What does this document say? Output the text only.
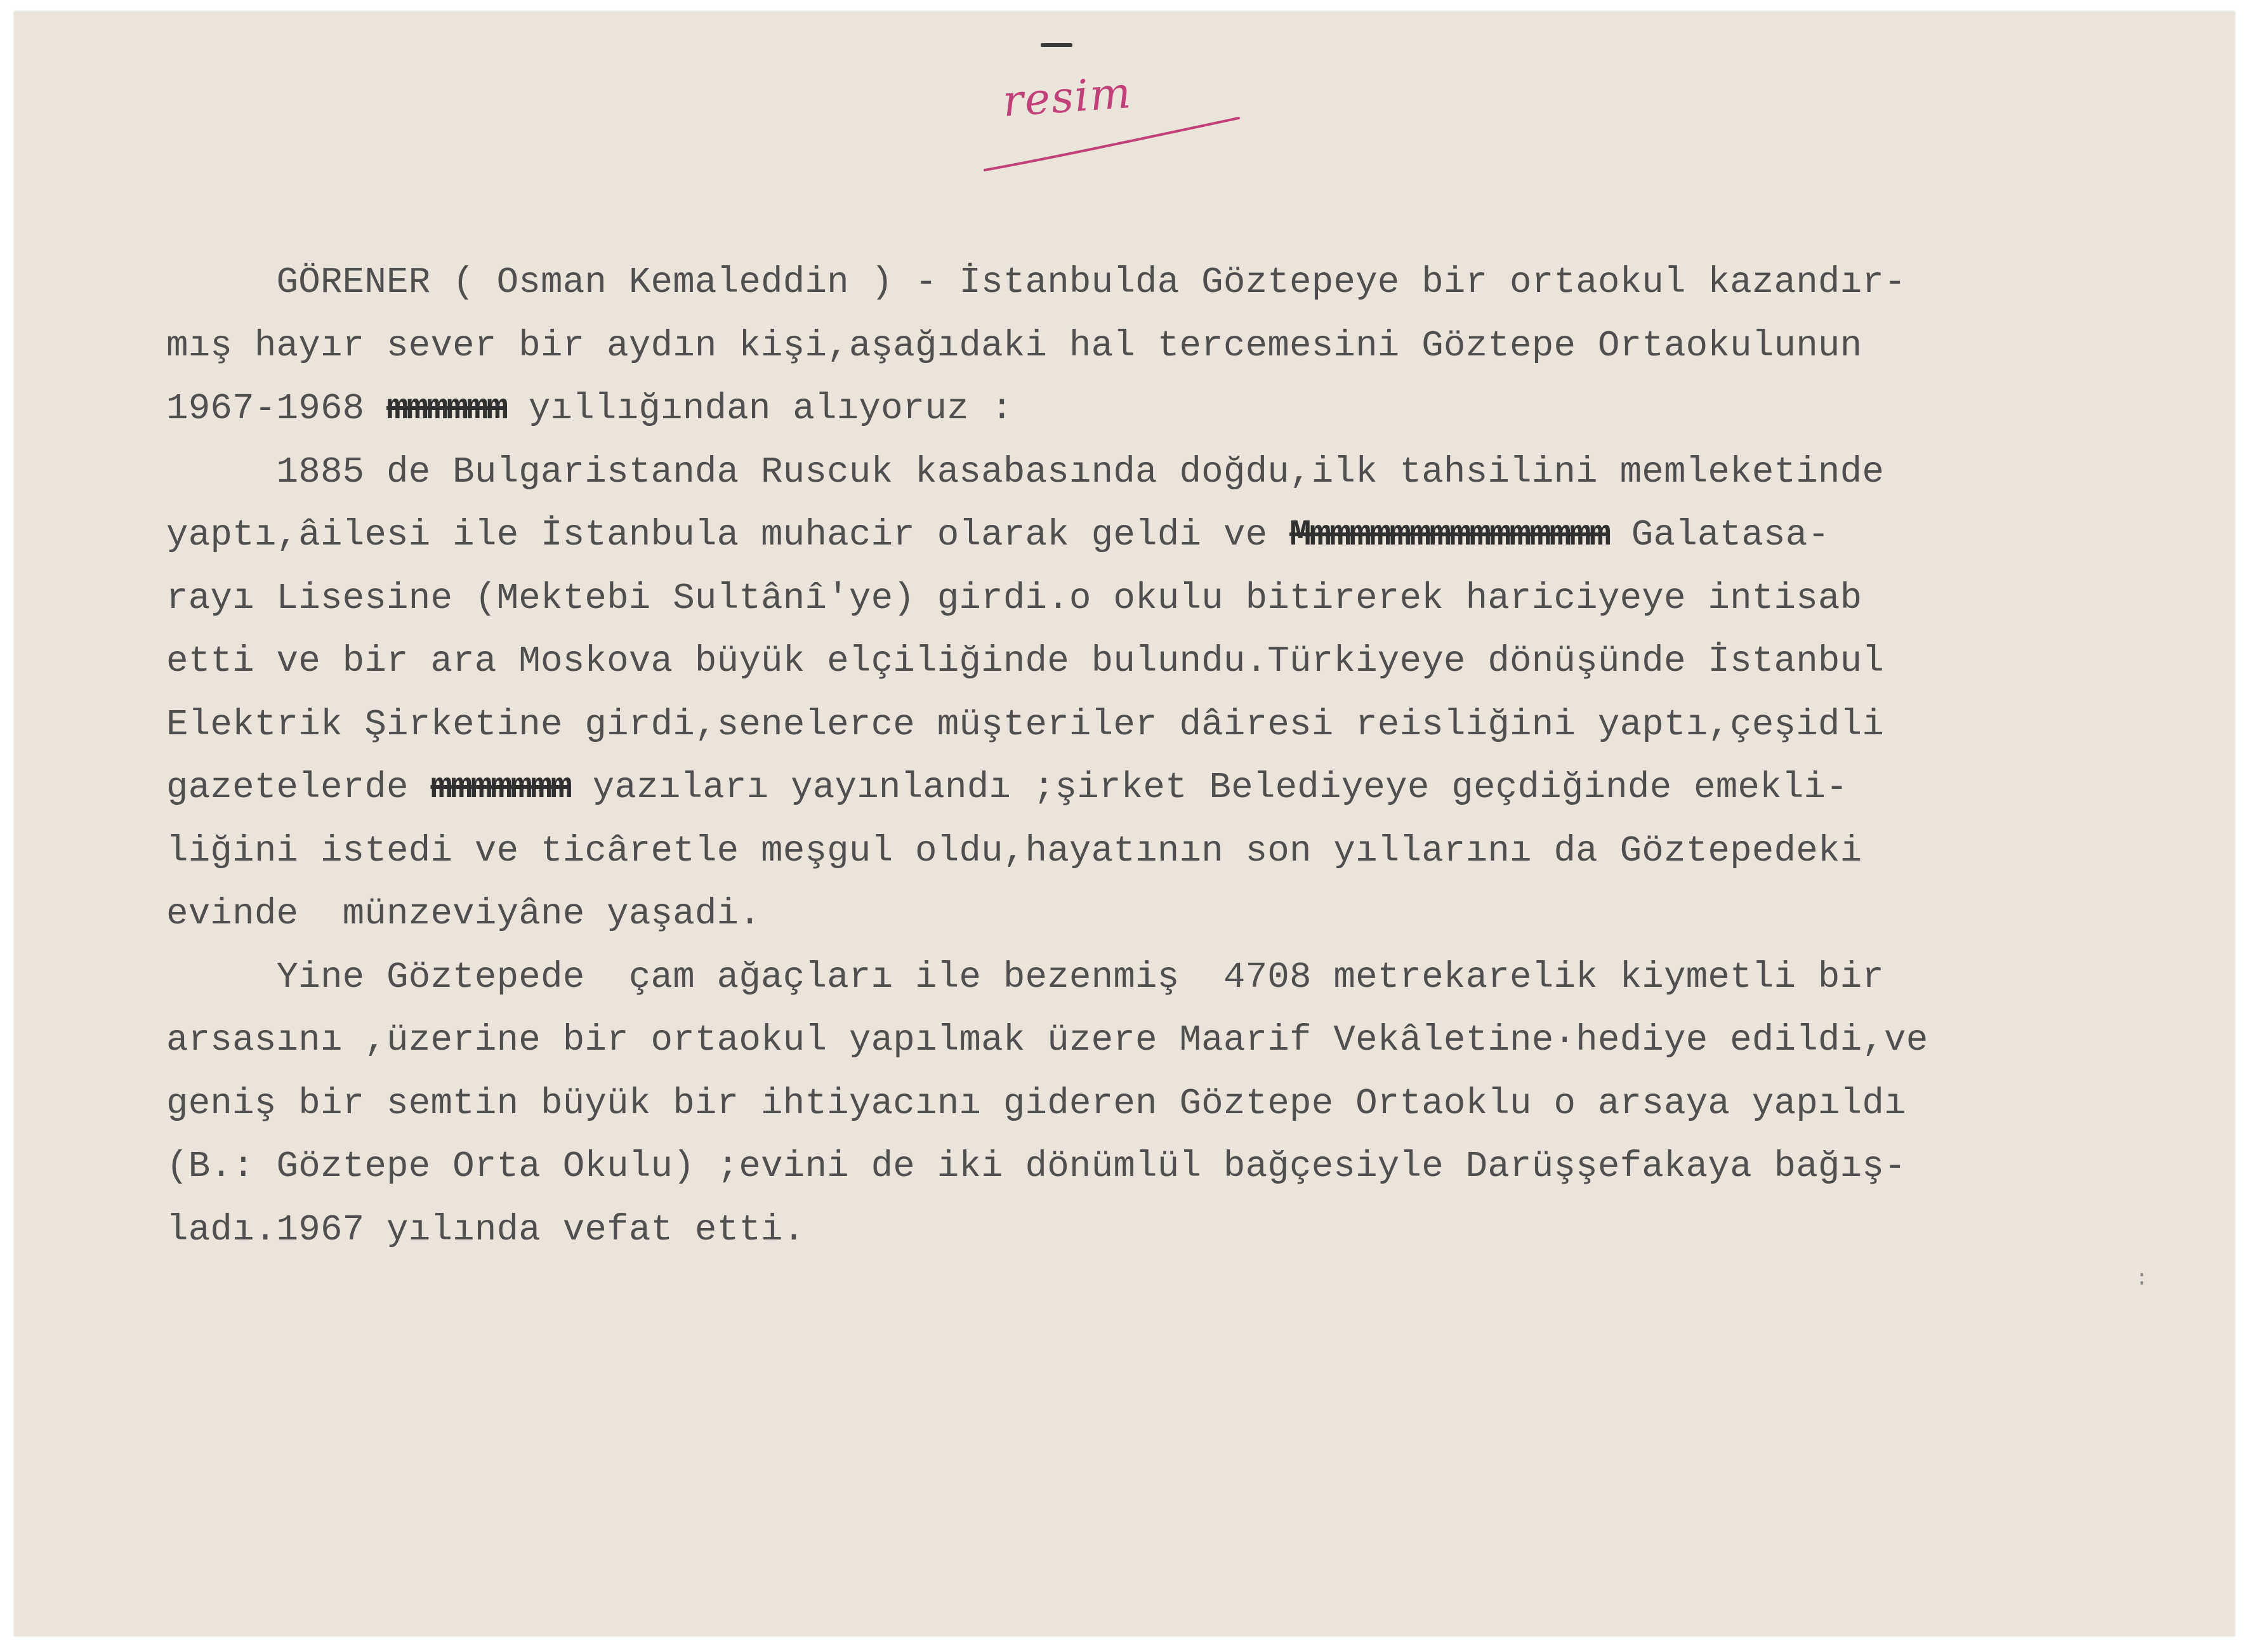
resim
GÖRENER ( Osman Kemaleddin ) - İstanbulda Göztepeye bir ortaokul kazandır-
mış hayır sever bir aydın kişi,aşağıdaki hal tercemesini Göztepe Ortaokulunun
1967-1968 mmmmmm yıllığından alıyoruz :
1885 de Bulgaristanda Ruscuk kasabasında doğdu,ilk tahsilini memleketinde
yaptı,âilesi ile İstanbula muhacir olarak geldi ve Mmmmmmmmmmmmmmmm Galatasa-
rayı Lisesine (Mektebi Sultânî'ye) girdi.o okulu bitirerek hariciyeye intisab
etti ve bir ara Moskova büyük elçiliğinde bulundu.Türkiyeye dönüşünde İstanbul
Elektrik Şirketine girdi,senelerce müşteriler dâiresi reisliğini yaptı,çeşidli
gazetelerde mmmmmmm yazıları yayınlandı ;şirket Belediyeye geçdiğinde emekli-
liğini istedi ve ticâretle meşgul oldu,hayatının son yıllarını da Göztepedeki
evinde  münzeviyâne yaşadi.
Yine Göztepede  çam ağaçları ile bezenmiş  4708 metrekarelik kiymetli bir
arsasını ,üzerine bir ortaokul yapılmak üzere Maarif Vekâletine·hediye edildi,ve
geniş bir semtin büyük bir ihtiyacını gideren Göztepe Ortaoklu o arsaya yapıldı
(B.: Göztepe Orta Okulu) ;evini de iki dönümlül bağçesiyle Darüşşefakaya bağış-
ladı.1967 yılında vefat etti.
:
